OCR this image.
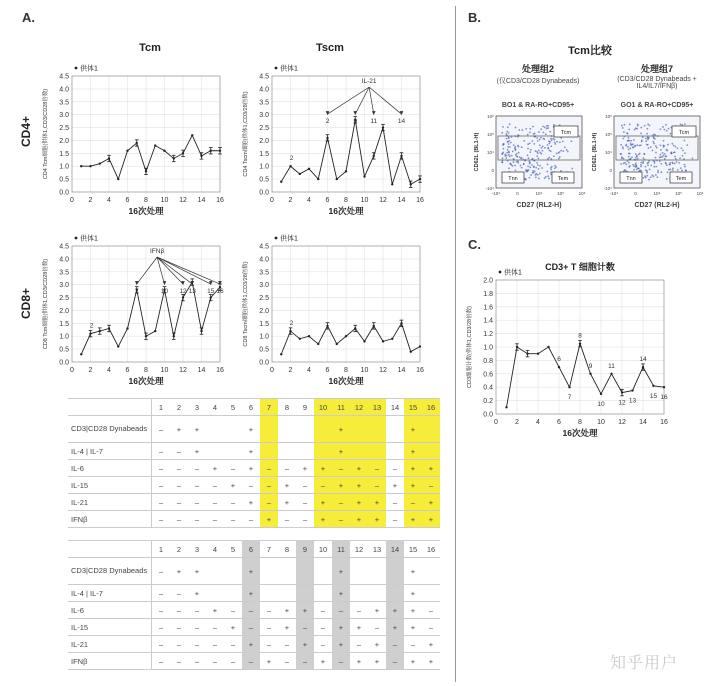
A.	B.
C.
Tcm	Tscm
CD4+
CD8+
0.0
0.5
1.0
1.5
2.0
2.5
3.0
3.5
4.0
4.5
0 2 4 6 8 10 12 14 16
16次处理
CD4 Tcm细胞(供体1,CD3/CD28倍数)
供体1
0.0
0.5
1.0
1.5
2.0
2.5
3.0
3.5
4.0
4.5
0 2 4 6 8 10 12 14 16
16次处理
CD4 Tscm细胞(供体1,CD3/28倍数)
供体1
2
IL-21
9 11	14
2
0.0
0.5
1.0
1.5
2.0
2.5
3.0
3.5
4.0
4.5
0 2 4 6 8 10 12 14 16
16次处理
CD8 Tcm细胞(供体1,CD3/CD28倍数)
供体1
2
IFNβ
7	10 12 13 15 16
0.0
0.5
1.0
1.5
2.0
2.5
3.0
3.5
4.0
4.5
0 2 4 6 8 10 12 14 16
16次处理
CD8 Tscm细胞(供体1,CD3/28倍数)
供体1
2
0.0
0.2
0.4
0.6
0.8
1.0
1.2
1.4
1.6
1.8
2.0
0 2 4 6 8 10 12 14 16
16次处理
CD3细胞计数(供体1,CD3/28倍数)
供体1
CD3+ T 细胞计数
6
8
9 11
14
7
10 12 13
15 16
	1	2	3	4	5	6	7	8	9	10	11	12	13	14	15	16
CD3|CD28 Dynabeads	–	+	+			+					+				+	
IL-4 | IL-7	–	–	+			+					+				+	
IL-6	–	–	–	+	–	+	–	–	+	+	–	+	–	–	+	+
IL-15	–	–	–	–	+	–	–	+	–	–	+	+	–	+	+	–
IL-21	–	–	–	–	–	+	–	+	–	+	–	+	+	–	–	+
IFNβ	–	–	–	–	–	–	+	–	–	+	–	+	+	–	+	+
	1	2	3	4	5	6	7	8	9	10	11	12	13	14	15	16
CD3|CD28 Dynabeads	–	+	+			+					+				+	
IL-4 | IL-7	–	–	+			+					+				+	
IL-6	–	–	–	+	–	–	–	+	+	–	–	–	+	+	+	–
IL-15	–	–	–	–	+	–	–	+	–	–	+	+	–	+	+	–
IL-21	–	–	–	–	–	+	–	–	+	–	+	–	+	–	–	+
IFNβ	–	–	–	–	–	–	+	–	–	+	–	+	+	–	+	+
Tcm比较
处理组2
(仅CD3/CD28 Dynabeads)
BO1 & RA-RO+CD95+
处理组7
(CD3/CD28 Dynabeads + IL4/IL7/IFNβ)
GO1 & RA-RO+CD95+
Tcm
Tnn	Tem
-10⁴
-10⁴
0
0
10⁴
10⁴
10⁵
10⁵
10⁶
10⁶
CD62L (BL1-H)	Tcm
Tnn	Tem
-10⁴
-10⁴
0
0
10⁴
10⁴
10⁵
10⁵
10⁶
10⁶
CD62L (BL1-H)
CD27 (RL2-H)	CD27 (RL2-H)
知乎用户
